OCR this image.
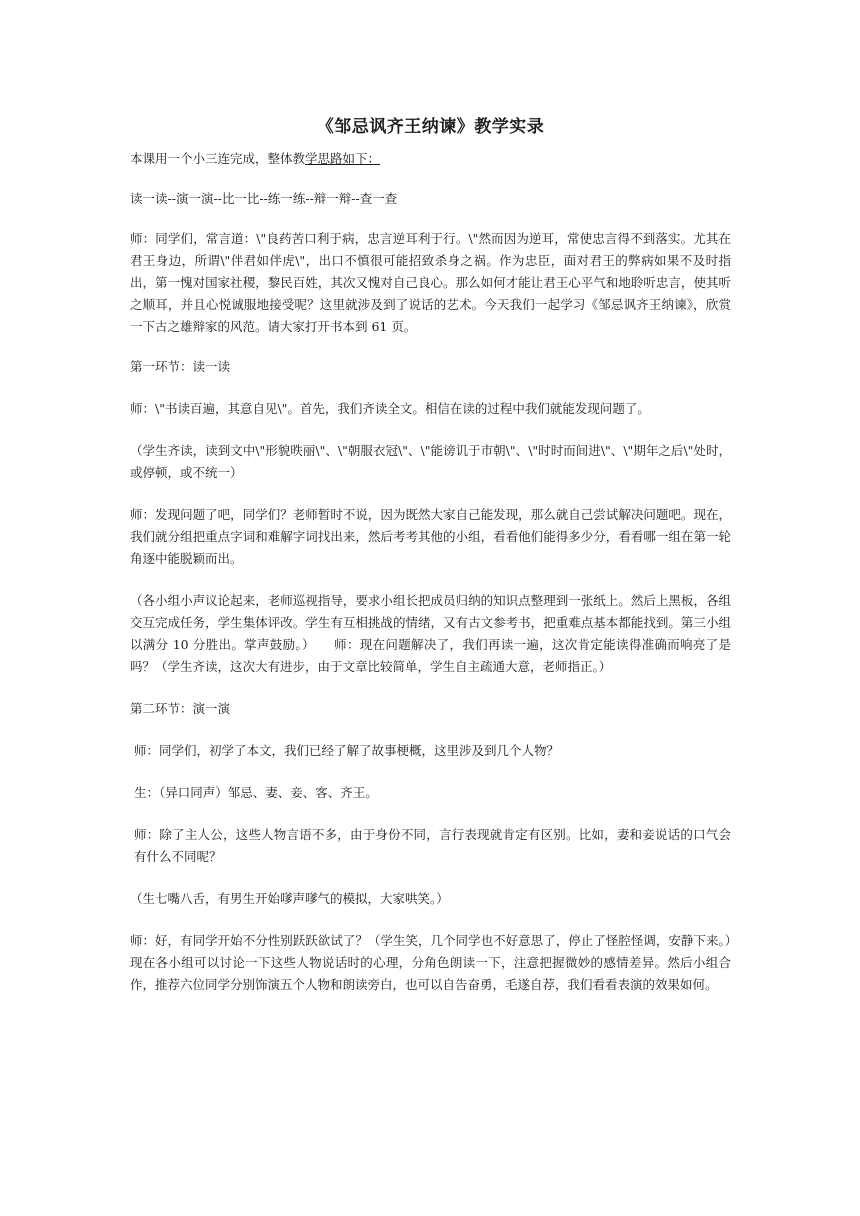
《邹忌讽齐王纳谏》教学实录

本课用一个小三连完成，整体教学思路如下：

读一读--演一演--比一比--练一练--辩一辩--查一查

师：同学们，常言道：\"良药苦口利于病，忠言逆耳利于行。\"然而因为逆耳，常使忠言得不到落实。尤其在君王身边，所谓\"伴君如伴虎\"，出口不慎很可能招致杀身之祸。作为忠臣，面对君王的弊病如果不及时指出，第一愧对国家社稷，黎民百姓，其次又愧对自己良心。那么如何才能让君王心平气和地聆听忠言，使其听之顺耳，并且心悦诚服地接受呢？这里就涉及到了说话的艺术。今天我们一起学习《邹忌讽齐王纳谏》，欣赏一下古之雄辩家的风范。请大家打开书本到 61 页。

第一环节：读一读

师：\"书读百遍，其意自见\"。首先，我们齐读全文。相信在读的过程中我们就能发现问题了。

（学生齐读，读到文中\"形貌昳丽\"、\"朝服衣冠\"、\"能谤讥于市朝\"、\"时时而间进\"、\"期年之后\"处时，或停顿，或不统一）

师：发现问题了吧，同学们？老师暂时不说，因为既然大家自己能发现，那么就自己尝试解决问题吧。现在，我们就分组把重点字词和难解字词找出来，然后考考其他的小组，看看他们能得多少分，看看哪一组在第一轮角逐中能脱颖而出。

（各小组小声议论起来，老师巡视指导，要求小组长把成员归纳的知识点整理到一张纸上。然后上黑板，各组交互完成任务，学生集体评改。学生有互相挑战的情绪，又有古文参考书，把重难点基本都能找到。第三小组以满分 10 分胜出。掌声鼓励。）　　师：现在问题解决了，我们再读一遍，这次肯定能读得准确而响亮了是吗？（学生齐读，这次大有进步，由于文章比较简单，学生自主疏通大意，老师指正。）

第二环节：演一演

师：同学们，初学了本文，我们已经了解了故事梗概，这里涉及到几个人物？

生：（异口同声）邹忌、妻、妾、客、齐王。

师：除了主人公，这些人物言语不多，由于身份不同，言行表现就肯定有区别。比如，妻和妾说话的口气会有什么不同呢？

（生七嘴八舌，有男生开始嗲声嗲气的模拟，大家哄笑。）

师：好，有同学开始不分性别跃跃欲试了？（学生笑，几个同学也不好意思了，停止了怪腔怪调，安静下来。）现在各小组可以讨论一下这些人物说话时的心理，分角色朗读一下，注意把握微妙的感情差异。然后小组合作，推荐六位同学分别饰演五个人物和朗读旁白，也可以自告奋勇，毛遂自荐，我们看看表演的效果如何。
